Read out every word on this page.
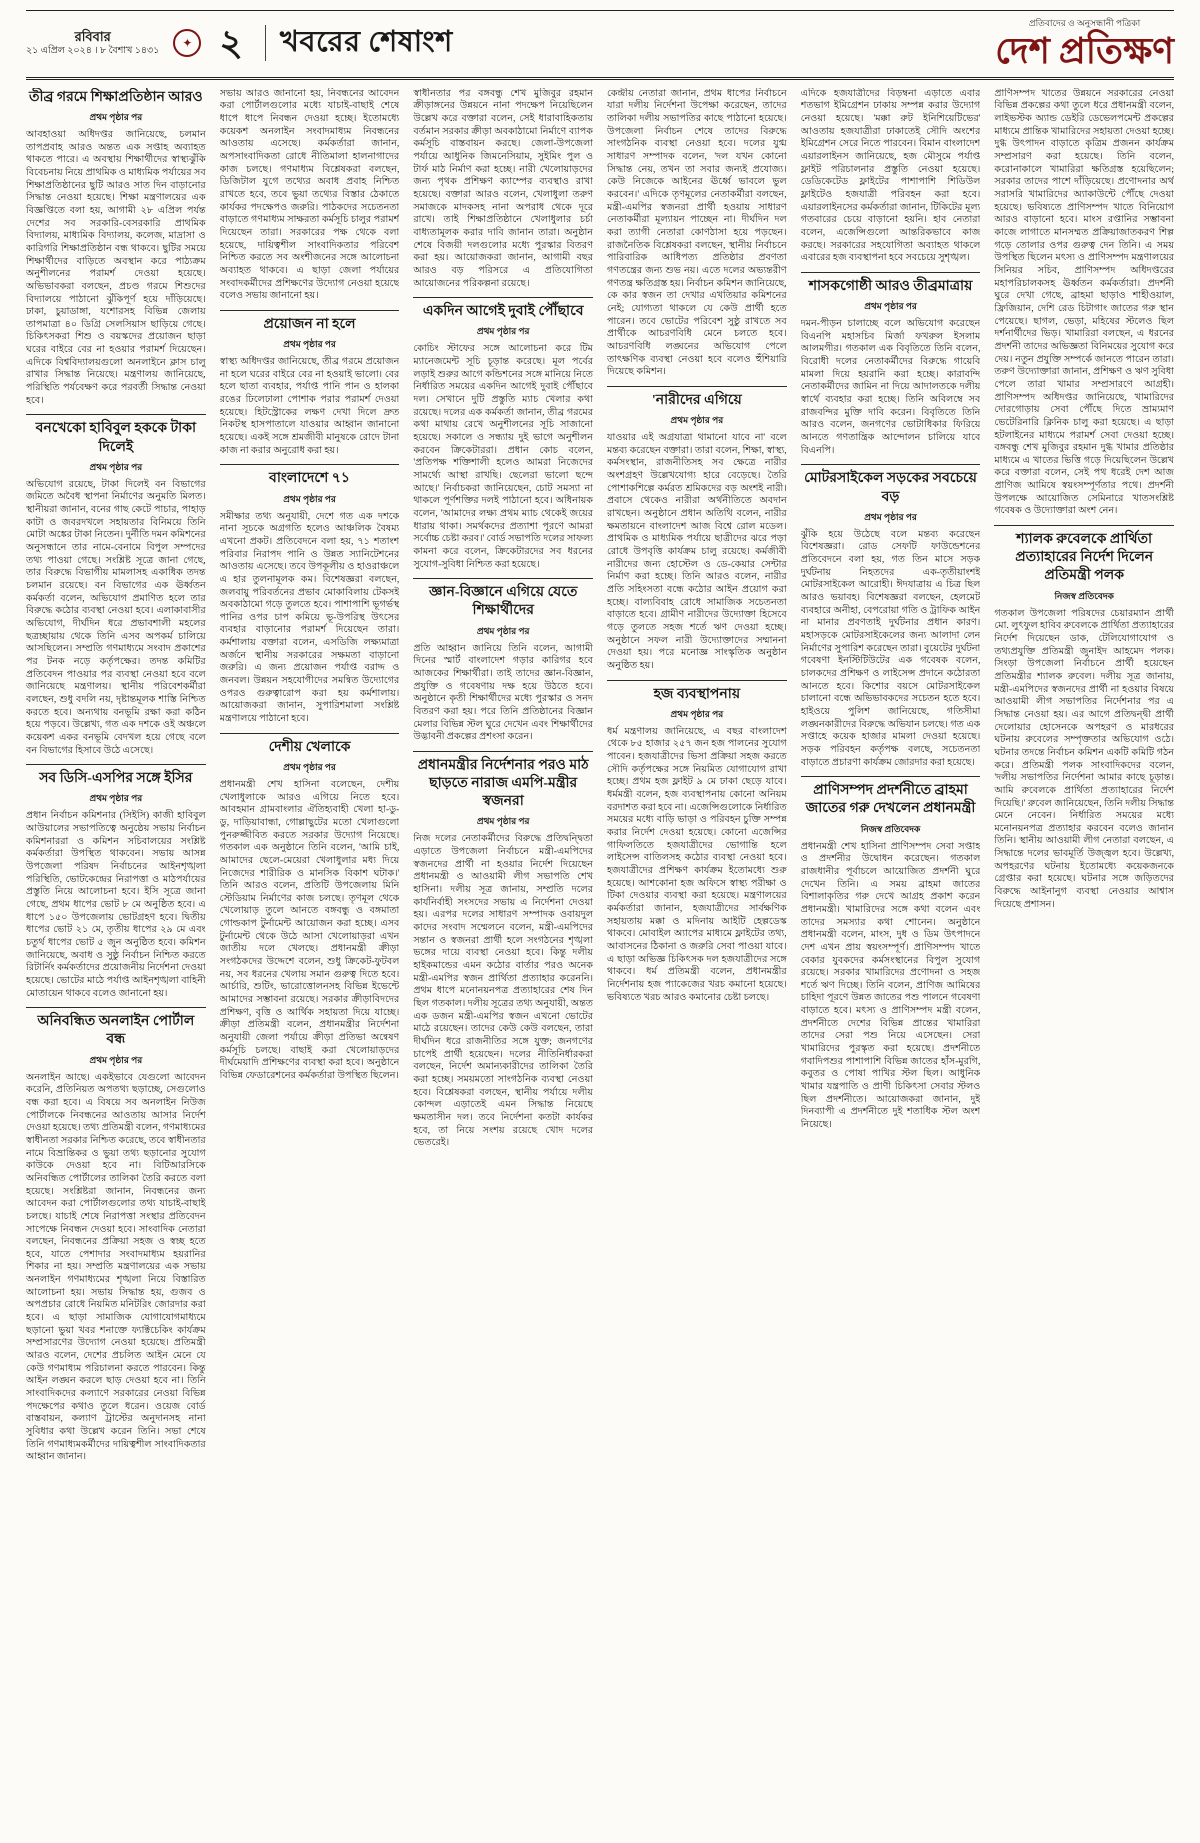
রবিবার
২১ এপ্রিল ২০২৪ । ৮ বৈশাখ ১৪৩১
✦ ২ খবরের শেষাংশ
প্রতিবাদের ও অনুসন্ধানী পত্রিকা
দেশ প্রতিক্ষণ
তীব্র গরমে শিক্ষাপ্রতিষ্ঠান আরও
প্রথম পৃষ্ঠার পর
আবহাওয়া অধিদপ্তর জানিয়েছে, চলমান তাপপ্রবাহ আরও অন্তত এক সপ্তাহ অব্যাহত থাকতে পারে। এ অবস্থায় শিক্ষার্থীদের স্বাস্থ্যঝুঁকি বিবেচনায় নিয়ে প্রাথমিক ও মাধ্যমিক পর্যায়ের সব শিক্ষাপ্রতিষ্ঠানের ছুটি আরও সাত দিন বাড়ানোর সিদ্ধান্ত নেওয়া হয়েছে। শিক্ষা মন্ত্রণালয়ের এক বিজ্ঞপ্তিতে বলা হয়, আগামী ২৮ এপ্রিল পর্যন্ত দেশের সব সরকারি-বেসরকারি প্রাথমিক বিদ্যালয়, মাধ্যমিক বিদ্যালয়, কলেজ, মাদ্রাসা ও কারিগরি শিক্ষাপ্রতিষ্ঠান বন্ধ থাকবে। ছুটির সময়ে শিক্ষার্থীদের বাড়িতে অবস্থান করে পাঠ্যক্রম অনুশীলনের পরামর্শ দেওয়া হয়েছে। অভিভাবকরা বলছেন, প্রচণ্ড গরমে শিশুদের বিদ্যালয়ে পাঠানো ঝুঁকিপূর্ণ হয়ে দাঁড়িয়েছে। ঢাকা, চুয়াডাঙ্গা, যশোরসহ বিভিন্ন জেলায় তাপমাত্রা ৪০ ডিগ্রি সেলসিয়াস ছাড়িয়ে গেছে। চিকিৎসকরা শিশু ও বয়স্কদের প্রয়োজন ছাড়া ঘরের বাইরে বের না হওয়ার পরামর্শ দিয়েছেন। এদিকে বিশ্ববিদ্যালয়গুলো অনলাইনে ক্লাস চালু রাখার সিদ্ধান্ত নিয়েছে। মন্ত্রণালয় জানিয়েছে, পরিস্থিতি পর্যবেক্ষণ করে পরবর্তী সিদ্ধান্ত নেওয়া হবে।
বনখেকো হাবিবুল হককে টাকা দিলেই
প্রথম পৃষ্ঠার পর
অভিযোগ রয়েছে, টাকা দিলেই বন বিভাগের জমিতে অবৈধ স্থাপনা নির্মাণের অনুমতি মিলত। স্থানীয়রা জানান, বনের গাছ কেটে পাচার, পাহাড় কাটা ও জবরদখলে সহায়তার বিনিময়ে তিনি মোটা অঙ্কের টাকা নিতেন। দুর্নীতি দমন কমিশনের অনুসন্ধানে তার নামে-বেনামে বিপুল সম্পদের তথ্য পাওয়া গেছে। সংশ্লিষ্ট সূত্রে জানা গেছে, তার বিরুদ্ধে বিভাগীয় মামলাসহ একাধিক তদন্ত চলমান রয়েছে। বন বিভাগের এক ঊর্ধ্বতন কর্মকর্তা বলেন, অভিযোগ প্রমাণিত হলে তার বিরুদ্ধে কঠোর ব্যবস্থা নেওয়া হবে। এলাকাবাসীর অভিযোগ, দীর্ঘদিন ধরে প্রভাবশালী মহলের ছত্রচ্ছায়ায় থেকে তিনি এসব অপকর্ম চালিয়ে আসছিলেন। সম্প্রতি গণমাধ্যমে সংবাদ প্রকাশের পর টনক নড়ে কর্তৃপক্ষের। তদন্ত কমিটির প্রতিবেদন পাওয়ার পর ব্যবস্থা নেওয়া হবে বলে জানিয়েছে মন্ত্রণালয়। স্থানীয় পরিবেশকর্মীরা বলছেন, শুধু বদলি নয়, দৃষ্টান্তমূলক শাস্তি নিশ্চিত করতে হবে। অন্যথায় বনভূমি রক্ষা করা কঠিন হয়ে পড়বে। উল্লেখ্য, গত এক দশকে ওই অঞ্চলে কয়েকশ একর বনভূমি বেদখল হয়ে গেছে বলে বন বিভাগের হিসাবে উঠে এসেছে।
সব ডিসি-এসপির সঙ্গে ইসির
প্রথম পৃষ্ঠার পর
প্রধান নির্বাচন কমিশনার (সিইসি) কাজী হাবিবুল আউয়ালের সভাপতিত্বে অনুষ্ঠেয় সভায় নির্বাচন কমিশনাররা ও কমিশন সচিবালয়ের সংশ্লিষ্ট কর্মকর্তারা উপস্থিত থাকবেন। সভায় আসন্ন উপজেলা পরিষদ নির্বাচনের আইনশৃঙ্খলা পরিস্থিতি, ভোটকেন্দ্রের নিরাপত্তা ও মাঠপর্যায়ের প্রস্তুতি নিয়ে আলোচনা হবে। ইসি সূত্রে জানা গেছে, প্রথম ধাপের ভোট ৮ মে অনুষ্ঠিত হবে। এ ধাপে ১৫০ উপজেলায় ভোটগ্রহণ হবে। দ্বিতীয় ধাপের ভোট ২১ মে, তৃতীয় ধাপের ২৯ মে এবং চতুর্থ ধাপের ভোট ৫ জুন অনুষ্ঠিত হবে। কমিশন জানিয়েছে, অবাধ ও সুষ্ঠু নির্বাচন নিশ্চিত করতে রিটার্নিং কর্মকর্তাদের প্রয়োজনীয় নির্দেশনা দেওয়া হয়েছে। ভোটের মাঠে পর্যাপ্ত আইনশৃঙ্খলা বাহিনী মোতায়েন থাকবে বলেও জানানো হয়।
অনিবন্ধিত অনলাইন পোর্টাল বন্ধ
প্রথম পৃষ্ঠার পর
অনলাইন আছে। একইভাবে যেগুলো আবেদন করেনি, প্রতিনিয়ত অপতথ্য ছড়াচ্ছে, সেগুলোও বন্ধ করা হবে। এ বিষয়ে সব অনলাইন নিউজ পোর্টালকে নিবন্ধনের আওতায় আসার নির্দেশ দেওয়া হয়েছে। তথ্য প্রতিমন্ত্রী বলেন, গণমাধ্যমের স্বাধীনতা সরকার নিশ্চিত করেছে, তবে স্বাধীনতার নামে বিভ্রান্তিকর ও ভুয়া তথ্য ছড়ানোর সুযোগ কাউকে দেওয়া হবে না। বিটিআরসিকে অনিবন্ধিত পোর্টালের তালিকা তৈরি করতে বলা হয়েছে। সংশ্লিষ্টরা জানান, নিবন্ধনের জন্য আবেদন করা পোর্টালগুলোর তথ্য যাচাই-বাছাই চলছে। যাচাই শেষে নিরাপত্তা সংস্থার প্রতিবেদন সাপেক্ষে নিবন্ধন দেওয়া হবে। সাংবাদিক নেতারা বলছেন, নিবন্ধনের প্রক্রিয়া সহজ ও স্বচ্ছ হতে হবে, যাতে পেশাদার সংবাদমাধ্যম হয়রানির শিকার না হয়। সম্প্রতি মন্ত্রণালয়ের এক সভায় অনলাইন গণমাধ্যমের শৃঙ্খলা নিয়ে বিস্তারিত আলোচনা হয়। সভায় সিদ্ধান্ত হয়, গুজব ও অপপ্রচার রোধে নিয়মিত মনিটরিং জোরদার করা হবে। এ ছাড়া সামাজিক যোগাযোগমাধ্যমে ছড়ানো ভুয়া খবর শনাক্তে ফ্যাক্টচেকিং কার্যক্রম সম্প্রসারণের উদ্যোগ নেওয়া হয়েছে। প্রতিমন্ত্রী আরও বলেন, দেশের প্রচলিত আইন মেনে যে কেউ গণমাধ্যম পরিচালনা করতে পারবেন। কিন্তু আইন লঙ্ঘন করলে ছাড় দেওয়া হবে না। তিনি সাংবাদিকদের কল্যাণে সরকারের নেওয়া বিভিন্ন পদক্ষেপের কথাও তুলে ধরেন। ওয়েজ বোর্ড বাস্তবায়ন, কল্যাণ ট্রাস্টের অনুদানসহ নানা সুবিধার কথা উল্লেখ করেন তিনি। সভা শেষে তিনি গণমাধ্যমকর্মীদের দায়িত্বশীল সাংবাদিকতার আহ্বান জানান।
সভায় আরও জানানো হয়, নিবন্ধনের আবেদন করা পোর্টালগুলোর মধ্যে যাচাই-বাছাই শেষে ধাপে ধাপে নিবন্ধন দেওয়া হচ্ছে। ইতোমধ্যে কয়েকশ অনলাইন সংবাদমাধ্যম নিবন্ধনের আওতায় এসেছে। কর্মকর্তারা জানান, অপসাংবাদিকতা রোধে নীতিমালা হালনাগাদের কাজ চলছে। গণমাধ্যম বিশ্লেষকরা বলছেন, ডিজিটাল যুগে তথ্যের অবাধ প্রবাহ নিশ্চিত রাখতে হবে, তবে ভুয়া তথ্যের বিস্তার ঠেকাতে কার্যকর পদক্ষেপও জরুরি। পাঠকদের সচেতনতা বাড়াতে গণমাধ্যম সাক্ষরতা কর্মসূচি চালুর পরামর্শ দিয়েছেন তারা। সরকারের পক্ষ থেকে বলা হয়েছে, দায়িত্বশীল সাংবাদিকতার পরিবেশ নিশ্চিত করতে সব অংশীজনের সঙ্গে আলোচনা অব্যাহত থাকবে। এ ছাড়া জেলা পর্যায়ের সংবাদকর্মীদের প্রশিক্ষণের উদ্যোগ নেওয়া হয়েছে বলেও সভায় জানানো হয়।
প্রয়োজন না হলে
প্রথম পৃষ্ঠার পর
স্বাস্থ্য অধিদপ্তর জানিয়েছে, তীব্র গরমে প্রয়োজন না হলে ঘরের বাইরে বের না হওয়াই ভালো। বের হলে ছাতা ব্যবহার, পর্যাপ্ত পানি পান ও হালকা রঙের ঢিলেঢালা পোশাক পরার পরামর্শ দেওয়া হয়েছে। হিটস্ট্রোকের লক্ষণ দেখা দিলে দ্রুত নিকটস্থ হাসপাতালে যাওয়ার আহ্বান জানানো হয়েছে। একই সঙ্গে শ্রমজীবী মানুষকে রোদে টানা কাজ না করার অনুরোধ করা হয়।
বাংলাদেশে ৭১
প্রথম পৃষ্ঠার পর
সমীক্ষার তথ্য অনুযায়ী, দেশে গত এক দশকে নানা সূচকে অগ্রগতি হলেও আঞ্চলিক বৈষম্য এখনো প্রকট। প্রতিবেদনে বলা হয়, ৭১ শতাংশ পরিবার নিরাপদ পানি ও উন্নত স্যানিটেশনের আওতায় এসেছে। তবে উপকূলীয় ও হাওরাঞ্চলে এ হার তুলনামূলক কম। বিশেষজ্ঞরা বলছেন, জলবায়ু পরিবর্তনের প্রভাব মোকাবিলায় টেকসই অবকাঠামো গড়ে তুলতে হবে। পাশাপাশি ভূগর্ভস্থ পানির ওপর চাপ কমিয়ে ভূ-উপরিস্থ উৎসের ব্যবহার বাড়ানোর পরামর্শ দিয়েছেন তারা। কর্মশালায় বক্তারা বলেন, এসডিজি লক্ষ্যমাত্রা অর্জনে স্থানীয় সরকারের সক্ষমতা বাড়ানো জরুরি। এ জন্য প্রয়োজন পর্যাপ্ত বরাদ্দ ও জনবল। উন্নয়ন সহযোগীদের সমন্বিত উদ্যোগের ওপরও গুরুত্বারোপ করা হয় কর্মশালায়। আয়োজকরা জানান, সুপারিশমালা সংশ্লিষ্ট মন্ত্রণালয়ে পাঠানো হবে।
দেশীয় খেলাকে
প্রথম পৃষ্ঠার পর
প্রধানমন্ত্রী শেখ হাসিনা বলেছেন, দেশীয় খেলাধুলাকে আরও এগিয়ে নিতে হবে। আবহমান গ্রামবাংলার ঐতিহ্যবাহী খেলা হা-ডু-ডু, দাড়িয়াবান্ধা, গোল্লাছুটের মতো খেলাগুলো পুনরুজ্জীবিত করতে সরকার উদ্যোগ নিয়েছে। গতকাল এক অনুষ্ঠানে তিনি বলেন, 'আমি চাই, আমাদের ছেলে-মেয়েরা খেলাধুলার মধ্য দিয়ে নিজেদের শারীরিক ও মানসিক বিকাশ ঘটাক।' তিনি আরও বলেন, প্রতিটি উপজেলায় মিনি স্টেডিয়াম নির্মাণের কাজ চলছে। তৃণমূল থেকে খেলোয়াড় তুলে আনতে বঙ্গবন্ধু ও বঙ্গমাতা গোল্ডকাপ টুর্নামেন্ট আয়োজন করা হচ্ছে। এসব টুর্নামেন্ট থেকে উঠে আসা খেলোয়াড়রা এখন জাতীয় দলে খেলছে। প্রধানমন্ত্রী ক্রীড়া সংগঠকদের উদ্দেশে বলেন, শুধু ক্রিকেট-ফুটবল নয়, সব ধরনের খেলায় সমান গুরুত্ব দিতে হবে। আর্চারি, শুটিং, ভারোত্তোলনসহ বিভিন্ন ইভেন্টে আমাদের সম্ভাবনা রয়েছে। সরকার ক্রীড়াবিদদের প্রশিক্ষণ, বৃত্তি ও আর্থিক সহায়তা দিয়ে যাচ্ছে। ক্রীড়া প্রতিমন্ত্রী বলেন, প্রধানমন্ত্রীর নির্দেশনা অনুযায়ী জেলা পর্যায়ে ক্রীড়া প্রতিভা অন্বেষণ কর্মসূচি চলছে। বাছাই করা খেলোয়াড়দের দীর্ঘমেয়াদি প্রশিক্ষণের ব্যবস্থা করা হবে। অনুষ্ঠানে বিভিন্ন ফেডারেশনের কর্মকর্তারা উপস্থিত ছিলেন।
স্বাধীনতার পর বঙ্গবন্ধু শেখ মুজিবুর রহমান ক্রীড়াঙ্গনের উন্নয়নে নানা পদক্ষেপ নিয়েছিলেন উল্লেখ করে বক্তারা বলেন, সেই ধারাবাহিকতায় বর্তমান সরকার ক্রীড়া অবকাঠামো নির্মাণে ব্যাপক কর্মসূচি বাস্তবায়ন করছে। জেলা-উপজেলা পর্যায়ে আধুনিক জিমনেসিয়াম, সুইমিং পুল ও টার্ফ মাঠ নির্মাণ করা হচ্ছে। নারী খেলোয়াড়দের জন্য পৃথক প্রশিক্ষণ ক্যাম্পের ব্যবস্থাও রাখা হয়েছে। বক্তারা আরও বলেন, খেলাধুলা তরুণ সমাজকে মাদকসহ নানা অপরাধ থেকে দূরে রাখে। তাই শিক্ষাপ্রতিষ্ঠানে খেলাধুলার চর্চা বাধ্যতামূলক করার দাবি জানান তারা। অনুষ্ঠান শেষে বিজয়ী দলগুলোর মধ্যে পুরস্কার বিতরণ করা হয়। আয়োজকরা জানান, আগামী বছর আরও বড় পরিসরে এ প্রতিযোগিতা আয়োজনের পরিকল্পনা রয়েছে।
একদিন আগেই দুবাই পৌঁছাবে
প্রথম পৃষ্ঠার পর
কোচিং স্টাফের সঙ্গে আলোচনা করে টিম ম্যানেজমেন্ট সূচি চূড়ান্ত করেছে। মূল পর্বের লড়াই শুরুর আগে কন্ডিশনের সঙ্গে মানিয়ে নিতে নির্ধারিত সময়ের একদিন আগেই দুবাই পৌঁছাবে দল। সেখানে দুটি প্রস্তুতি ম্যাচ খেলার কথা রয়েছে। দলের এক কর্মকর্তা জানান, তীব্র গরমের কথা মাথায় রেখে অনুশীলনের সূচি সাজানো হয়েছে। সকালে ও সন্ধ্যায় দুই ভাগে অনুশীলন করবেন ক্রিকেটাররা। প্রধান কোচ বলেন, 'প্রতিপক্ষ শক্তিশালী হলেও আমরা নিজেদের সামর্থ্যে আস্থা রাখছি। ছেলেরা ভালো ছন্দে আছে।' নির্বাচকরা জানিয়েছেন, চোট সমস্যা না থাকলে পূর্ণশক্তির দলই পাঠানো হবে। অধিনায়ক বলেন, 'আমাদের লক্ষ্য প্রথম ম্যাচ থেকেই জয়ের ধারায় থাকা। সমর্থকদের প্রত্যাশা পূরণে আমরা সর্বোচ্চ চেষ্টা করব।' বোর্ড সভাপতি দলের সাফল্য কামনা করে বলেন, ক্রিকেটারদের সব ধরনের সুযোগ-সুবিধা নিশ্চিত করা হয়েছে।
জ্ঞান-বিজ্ঞানে এগিয়ে যেতে শিক্ষার্থীদের
প্রথম পৃষ্ঠার পর
প্রতি আহ্বান জানিয়ে তিনি বলেন, আগামী দিনের স্মার্ট বাংলাদেশ গড়ার কারিগর হবে আজকের শিক্ষার্থীরা। তাই তাদের জ্ঞান-বিজ্ঞান, প্রযুক্তি ও গবেষণায় দক্ষ হয়ে উঠতে হবে। অনুষ্ঠানে কৃতী শিক্ষার্থীদের মধ্যে পুরস্কার ও সনদ বিতরণ করা হয়। পরে তিনি প্রতিষ্ঠানের বিজ্ঞান মেলার বিভিন্ন স্টল ঘুরে দেখেন এবং শিক্ষার্থীদের উদ্ভাবনী প্রকল্পের প্রশংসা করেন।
প্রধানমন্ত্রীর নির্দেশনার পরও মাঠ ছাড়তে নারাজ এমপি-মন্ত্রীর স্বজনরা
প্রথম পৃষ্ঠার পর
নিজ দলের নেতাকর্মীদের বিরুদ্ধে প্রতিদ্বন্দ্বিতা এড়াতে উপজেলা নির্বাচনে মন্ত্রী-এমপিদের স্বজনদের প্রার্থী না হওয়ার নির্দেশ দিয়েছেন প্রধানমন্ত্রী ও আওয়ামী লীগ সভাপতি শেখ হাসিনা। দলীয় সূত্র জানায়, সম্প্রতি দলের কার্যনির্বাহী সংসদের সভায় এ নির্দেশনা দেওয়া হয়। এরপর দলের সাধারণ সম্পাদক ওবায়দুল কাদের সংবাদ সম্মেলনে বলেন, মন্ত্রী-এমপিদের সন্তান ও স্বজনরা প্রার্থী হলে সংগঠনের শৃঙ্খলা ভঙ্গের দায়ে ব্যবস্থা নেওয়া হবে। কিন্তু দলীয় হাইকমান্ডের এমন কঠোর বার্তার পরও অনেক মন্ত্রী-এমপির স্বজন প্রার্থিতা প্রত্যাহার করেননি। প্রথম ধাপে মনোনয়নপত্র প্রত্যাহারের শেষ দিন ছিল গতকাল। দলীয় সূত্রের তথ্য অনুযায়ী, অন্তত এক ডজন মন্ত্রী-এমপির স্বজন এখনো ভোটের মাঠে রয়েছেন। তাদের কেউ কেউ বলছেন, তারা দীর্ঘদিন ধরে রাজনীতির সঙ্গে যুক্ত; জনগণের চাপেই প্রার্থী হয়েছেন। দলের নীতিনির্ধারকরা বলছেন, নির্দেশ অমান্যকারীদের তালিকা তৈরি করা হচ্ছে। সময়মতো সাংগঠনিক ব্যবস্থা নেওয়া হবে। বিশ্লেষকরা বলছেন, স্থানীয় পর্যায়ে দলীয় কোন্দল এড়াতেই এমন সিদ্ধান্ত নিয়েছে ক্ষমতাসীন দল। তবে নির্দেশনা কতটা কার্যকর হবে, তা নিয়ে সংশয় রয়েছে খোদ দলের ভেতরেই।
কেন্দ্রীয় নেতারা জানান, প্রথম ধাপের নির্বাচনে যারা দলীয় নির্দেশনা উপেক্ষা করেছেন, তাদের তালিকা দলীয় সভাপতির কাছে পাঠানো হয়েছে। উপজেলা নির্বাচন শেষে তাদের বিরুদ্ধে সাংগঠনিক ব্যবস্থা নেওয়া হবে। দলের যুগ্ম সাধারণ সম্পাদক বলেন, 'দল যখন কোনো সিদ্ধান্ত নেয়, তখন তা সবার জন্যই প্রযোজ্য। কেউ নিজেকে আইনের ঊর্ধ্বে ভাবলে ভুল করবেন।' এদিকে তৃণমূলের নেতাকর্মীরা বলছেন, মন্ত্রী-এমপির স্বজনরা প্রার্থী হওয়ায় সাধারণ নেতাকর্মীরা মূল্যায়ন পাচ্ছেন না। দীর্ঘদিন দল করা ত্যাগী নেতারা কোণঠাসা হয়ে পড়ছেন। রাজনৈতিক বিশ্লেষকরা বলছেন, স্থানীয় নির্বাচনে পারিবারিক আধিপত্য প্রতিষ্ঠার প্রবণতা গণতন্ত্রের জন্য শুভ নয়। এতে দলের অভ্যন্তরীণ গণতন্ত্র ক্ষতিগ্রস্ত হয়। নির্বাচন কমিশন জানিয়েছে, কে কার স্বজন তা দেখার এখতিয়ার কমিশনের নেই; যোগ্যতা থাকলে যে কেউ প্রার্থী হতে পারেন। তবে ভোটের পরিবেশ সুষ্ঠু রাখতে সব প্রার্থীকে আচরণবিধি মেনে চলতে হবে। আচরণবিধি লঙ্ঘনের অভিযোগ পেলে তাৎক্ষণিক ব্যবস্থা নেওয়া হবে বলেও হুঁশিয়ারি দিয়েছে কমিশন।
'নারীদের এগিয়ে
প্রথম পৃষ্ঠার পর
যাওয়ার এই অগ্রযাত্রা থামানো যাবে না' বলে মন্তব্য করেছেন বক্তারা। তারা বলেন, শিক্ষা, স্বাস্থ্য, কর্মসংস্থান, রাজনীতিসহ সব ক্ষেত্রে নারীর অংশগ্রহণ উল্লেখযোগ্য হারে বেড়েছে। তৈরি পোশাকশিল্পে কর্মরত শ্রমিকদের বড় অংশই নারী। প্রবাসে থেকেও নারীরা অর্থনীতিতে অবদান রাখছেন। অনুষ্ঠানে প্রধান অতিথি বলেন, নারীর ক্ষমতায়নে বাংলাদেশ আজ বিশ্বে রোল মডেল। প্রাথমিক ও মাধ্যমিক পর্যায়ে ছাত্রীদের ঝরে পড়া রোধে উপবৃত্তি কার্যক্রম চালু রয়েছে। কর্মজীবী নারীদের জন্য হোস্টেল ও ডে-কেয়ার সেন্টার নির্মাণ করা হচ্ছে। তিনি আরও বলেন, নারীর প্রতি সহিংসতা বন্ধে কঠোর আইন প্রয়োগ করা হচ্ছে। বাল্যবিবাহ রোধে সামাজিক সচেতনতা বাড়াতে হবে। গ্রামীণ নারীদের উদ্যোক্তা হিসেবে গড়ে তুলতে সহজ শর্তে ঋণ দেওয়া হচ্ছে। অনুষ্ঠানে সফল নারী উদ্যোক্তাদের সম্মাননা দেওয়া হয়। পরে মনোজ্ঞ সাংস্কৃতিক অনুষ্ঠান অনুষ্ঠিত হয়।
হজ ব্যবস্থাপনায়
প্রথম পৃষ্ঠার পর
ধর্ম মন্ত্রণালয় জানিয়েছে, এ বছর বাংলাদেশ থেকে ৮৫ হাজার ২৫৭ জন হজ পালনের সুযোগ পাবেন। হজযাত্রীদের ভিসা প্রক্রিয়া সহজ করতে সৌদি কর্তৃপক্ষের সঙ্গে নিয়মিত যোগাযোগ রাখা হচ্ছে। প্রথম হজ ফ্লাইট ৯ মে ঢাকা ছেড়ে যাবে। ধর্মমন্ত্রী বলেন, হজ ব্যবস্থাপনায় কোনো অনিয়ম বরদাশত করা হবে না। এজেন্সিগুলোকে নির্ধারিত সময়ের মধ্যে বাড়ি ভাড়া ও পরিবহন চুক্তি সম্পন্ন করার নির্দেশ দেওয়া হয়েছে। কোনো এজেন্সির গাফিলতিতে হজযাত্রীদের ভোগান্তি হলে লাইসেন্স বাতিলসহ কঠোর ব্যবস্থা নেওয়া হবে। হজযাত্রীদের প্রশিক্ষণ কার্যক্রম ইতোমধ্যে শুরু হয়েছে। আশকোনা হজ অফিসে স্বাস্থ্য পরীক্ষা ও টিকা দেওয়ার ব্যবস্থা করা হয়েছে। মন্ত্রণালয়ের কর্মকর্তারা জানান, হজযাত্রীদের সার্বক্ষণিক সহায়তায় মক্কা ও মদিনায় আইটি হেল্পডেস্ক থাকবে। মোবাইল অ্যাপের মাধ্যমে ফ্লাইটের তথ্য, আবাসনের ঠিকানা ও জরুরি সেবা পাওয়া যাবে। এ ছাড়া অভিজ্ঞ চিকিৎসক দল হজযাত্রীদের সঙ্গে থাকবে। ধর্ম প্রতিমন্ত্রী বলেন, প্রধানমন্ত্রীর নির্দেশনায় হজ প্যাকেজের খরচ কমানো হয়েছে। ভবিষ্যতে খরচ আরও কমানোর চেষ্টা চলছে।
এদিকে হজযাত্রীদের বিড়ম্বনা এড়াতে এবার শতভাগ ইমিগ্রেশন ঢাকায় সম্পন্ন করার উদ্যোগ নেওয়া হয়েছে। 'মক্কা রুট ইনিশিয়েটিভের' আওতায় হজযাত্রীরা ঢাকাতেই সৌদি অংশের ইমিগ্রেশন সেরে নিতে পারবেন। বিমান বাংলাদেশ এয়ারলাইনস জানিয়েছে, হজ মৌসুমে পর্যাপ্ত ফ্লাইট পরিচালনার প্রস্তুতি নেওয়া হয়েছে। ডেডিকেটেড ফ্লাইটের পাশাপাশি শিডিউল ফ্লাইটেও হজযাত্রী পরিবহন করা হবে। এয়ারলাইনসের কর্মকর্তারা জানান, টিকিটের মূল্য গতবারের চেয়ে বাড়ানো হয়নি। হাব নেতারা বলেন, এজেন্সিগুলো আন্তরিকভাবে কাজ করছে। সরকারের সহযোগিতা অব্যাহত থাকলে এবারের হজ ব্যবস্থাপনা হবে সবচেয়ে সুশৃঙ্খল।
শাসকগোষ্ঠী আরও তীব্রমাত্রায়
প্রথম পৃষ্ঠার পর
দমন-পীড়ন চালাচ্ছে বলে অভিযোগ করেছেন বিএনপি মহাসচিব মির্জা ফখরুল ইসলাম আলমগীর। গতকাল এক বিবৃতিতে তিনি বলেন, বিরোধী দলের নেতাকর্মীদের বিরুদ্ধে গায়েবি মামলা দিয়ে হয়রানি করা হচ্ছে। কারাবন্দি নেতাকর্মীদের জামিন না দিয়ে আদালতকে দলীয় স্বার্থে ব্যবহার করা হচ্ছে। তিনি অবিলম্বে সব রাজবন্দির মুক্তি দাবি করেন। বিবৃতিতে তিনি আরও বলেন, জনগণের ভোটাধিকার ফিরিয়ে আনতে গণতান্ত্রিক আন্দোলন চালিয়ে যাবে বিএনপি।
মোটরসাইকেল সড়কের সবচেয়ে বড়
প্রথম পৃষ্ঠার পর
ঝুঁকি হয়ে উঠেছে বলে মন্তব্য করেছেন বিশেষজ্ঞরা। রোড সেফটি ফাউন্ডেশনের প্রতিবেদনে বলা হয়, গত তিন মাসে সড়ক দুর্ঘটনায় নিহতদের এক-তৃতীয়াংশই মোটরসাইকেল আরোহী। ঈদযাত্রায় এ চিত্র ছিল আরও ভয়াবহ। বিশেষজ্ঞরা বলছেন, হেলমেট ব্যবহারে অনীহা, বেপরোয়া গতি ও ট্রাফিক আইন না মানার প্রবণতাই দুর্ঘটনার প্রধান কারণ। মহাসড়কে মোটরসাইকেলের জন্য আলাদা লেন নির্মাণের সুপারিশ করেছেন তারা। বুয়েটের দুর্ঘটনা গবেষণা ইনস্টিটিউটের এক গবেষক বলেন, চালকদের প্রশিক্ষণ ও লাইসেন্স প্রদানে কঠোরতা আনতে হবে। কিশোর বয়সে মোটরসাইকেল চালানো বন্ধে অভিভাবকদের সচেতন হতে হবে। হাইওয়ে পুলিশ জানিয়েছে, গতিসীমা লঙ্ঘনকারীদের বিরুদ্ধে অভিযান চলছে। গত এক সপ্তাহে কয়েক হাজার মামলা দেওয়া হয়েছে। সড়ক পরিবহন কর্তৃপক্ষ বলছে, সচেতনতা বাড়াতে প্রচারণা কার্যক্রম জোরদার করা হয়েছে।
প্রাণিসম্পদ প্রদর্শনীতে ব্রাহমা জাতের গরু দেখলেন প্রধানমন্ত্রী
নিজস্ব প্রতিবেদক
প্রধানমন্ত্রী শেখ হাসিনা প্রাণিসম্পদ সেবা সপ্তাহ ও প্রদর্শনীর উদ্বোধন করেছেন। গতকাল রাজধানীর পূর্বাচলে আয়োজিত প্রদর্শনী ঘুরে দেখেন তিনি। এ সময় ব্রাহমা জাতের বিশালাকৃতির গরু দেখে আগ্রহ প্রকাশ করেন প্রধানমন্ত্রী। খামারিদের সঙ্গে কথা বলেন এবং তাদের সমস্যার কথা শোনেন। অনুষ্ঠানে প্রধানমন্ত্রী বলেন, মাংস, দুধ ও ডিম উৎপাদনে দেশ এখন প্রায় স্বয়ংসম্পূর্ণ। প্রাণিসম্পদ খাতে বেকার যুবকদের কর্মসংস্থানের বিপুল সুযোগ রয়েছে। সরকার খামারিদের প্রণোদনা ও সহজ শর্তে ঋণ দিচ্ছে। তিনি বলেন, প্রাণিজ আমিষের চাহিদা পূরণে উন্নত জাতের পশু পালনে গবেষণা বাড়াতে হবে। মৎস্য ও প্রাণিসম্পদ মন্ত্রী বলেন, প্রদর্শনীতে দেশের বিভিন্ন প্রান্তের খামারিরা তাদের সেরা পশু নিয়ে এসেছেন। সেরা খামারিদের পুরস্কৃত করা হয়েছে। প্রদর্শনীতে গবাদিপশুর পাশাপাশি বিভিন্ন জাতের হাঁস-মুরগি, কবুতর ও পোষা পাখির স্টল ছিল। আধুনিক খামার যন্ত্রপাতি ও প্রাণী চিকিৎসা সেবার স্টলও ছিল প্রদর্শনীতে। আয়োজকরা জানান, দুই দিনব্যাপী এ প্রদর্শনীতে দুই শতাধিক স্টল অংশ নিয়েছে।
প্রাণিসম্পদ খাতের উন্নয়নে সরকারের নেওয়া বিভিন্ন প্রকল্পের কথা তুলে ধরে প্রধানমন্ত্রী বলেন, লাইভস্টক অ্যান্ড ডেইরি ডেভেলপমেন্ট প্রকল্পের মাধ্যমে প্রান্তিক খামারিদের সহায়তা দেওয়া হচ্ছে। দুগ্ধ উৎপাদন বাড়াতে কৃত্রিম প্রজনন কার্যক্রম সম্প্রসারণ করা হয়েছে। তিনি বলেন, করোনাকালে খামারিরা ক্ষতিগ্রস্ত হয়েছিলেন; সরকার তাদের পাশে দাঁড়িয়েছে। প্রণোদনার অর্থ সরাসরি খামারিদের অ্যাকাউন্টে পৌঁছে দেওয়া হয়েছে। ভবিষ্যতে প্রাণিসম্পদ খাতে বিনিয়োগ আরও বাড়ানো হবে। মাংস রপ্তানির সম্ভাবনা কাজে লাগাতে মানসম্মত প্রক্রিয়াজাতকরণ শিল্প গড়ে তোলার ওপর গুরুত্ব দেন তিনি। এ সময় উপস্থিত ছিলেন মৎস্য ও প্রাণিসম্পদ মন্ত্রণালয়ের সিনিয়র সচিব, প্রাণিসম্পদ অধিদপ্তরের মহাপরিচালকসহ ঊর্ধ্বতন কর্মকর্তারা। প্রদর্শনী ঘুরে দেখা গেছে, ব্রাহমা ছাড়াও শাহীওয়াল, ফ্রিজিয়ান, দেশি রেড চিটাগাং জাতের গরু স্থান পেয়েছে। ছাগল, ভেড়া, মহিষের স্টলেও ছিল দর্শনার্থীদের ভিড়। খামারিরা বলছেন, এ ধরনের প্রদর্শনী তাদের অভিজ্ঞতা বিনিময়ের সুযোগ করে দেয়। নতুন প্রযুক্তি সম্পর্কে জানতে পারেন তারা। তরুণ উদ্যোক্তারা জানান, প্রশিক্ষণ ও ঋণ সুবিধা পেলে তারা খামার সম্প্রসারণে আগ্রহী। প্রাণিসম্পদ অধিদপ্তর জানিয়েছে, খামারিদের দোরগোড়ায় সেবা পৌঁছে দিতে ভ্রাম্যমাণ ভেটেরিনারি ক্লিনিক চালু করা হয়েছে। এ ছাড়া হটলাইনের মাধ্যমে পরামর্শ সেবা দেওয়া হচ্ছে। বঙ্গবন্ধু শেখ মুজিবুর রহমান দুগ্ধ খামার প্রতিষ্ঠার মাধ্যমে এ খাতের ভিত্তি গড়ে দিয়েছিলেন উল্লেখ করে বক্তারা বলেন, সেই পথ ধরেই দেশ আজ প্রাণিজ আমিষে স্বয়ংসম্পূর্ণতার পথে। প্রদর্শনী উপলক্ষে আয়োজিত সেমিনারে খাতসংশ্লিষ্ট গবেষক ও উদ্যোক্তারা অংশ নেন।
শ্যালক রুবেলকে প্রার্থিতা প্রত্যাহারের নির্দেশ দিলেন প্রতিমন্ত্রী পলক
নিজস্ব প্রতিবেদক
গতকাল উপজেলা পরিষদের চেয়ারম্যান প্রার্থী মো. লুৎফুল হাবিব রুবেলকে প্রার্থিতা প্রত্যাহারের নির্দেশ দিয়েছেন ডাক, টেলিযোগাযোগ ও তথ্যপ্রযুক্তি প্রতিমন্ত্রী জুনাইদ আহমেদ পলক। সিংড়া উপজেলা নির্বাচনে প্রার্থী হয়েছেন প্রতিমন্ত্রীর শ্যালক রুবেল। দলীয় সূত্র জানায়, মন্ত্রী-এমপিদের স্বজনদের প্রার্থী না হওয়ার বিষয়ে আওয়ামী লীগ সভাপতির নির্দেশনার পর এ সিদ্ধান্ত নেওয়া হয়। এর আগে প্রতিদ্বন্দ্বী প্রার্থী দেলোয়ার হোসেনকে অপহরণ ও মারধরের ঘটনায় রুবেলের সম্পৃক্ততার অভিযোগ ওঠে। ঘটনার তদন্তে নির্বাচন কমিশন একটি কমিটি গঠন করে। প্রতিমন্ত্রী পলক সাংবাদিকদের বলেন, 'দলীয় সভাপতির নির্দেশনা আমার কাছে চূড়ান্ত। আমি রুবেলকে প্রার্থিতা প্রত্যাহারের নির্দেশ দিয়েছি।' রুবেল জানিয়েছেন, তিনি দলীয় সিদ্ধান্ত মেনে নেবেন। নির্ধারিত সময়ের মধ্যে মনোনয়নপত্র প্রত্যাহার করবেন বলেও জানান তিনি। স্থানীয় আওয়ামী লীগ নেতারা বলছেন, এ সিদ্ধান্তে দলের ভাবমূর্তি উজ্জ্বল হবে। উল্লেখ্য, অপহরণের ঘটনায় ইতোমধ্যে কয়েকজনকে গ্রেপ্তার করা হয়েছে। ঘটনার সঙ্গে জড়িতদের বিরুদ্ধে আইনানুগ ব্যবস্থা নেওয়ার আশ্বাস দিয়েছে প্রশাসন।
